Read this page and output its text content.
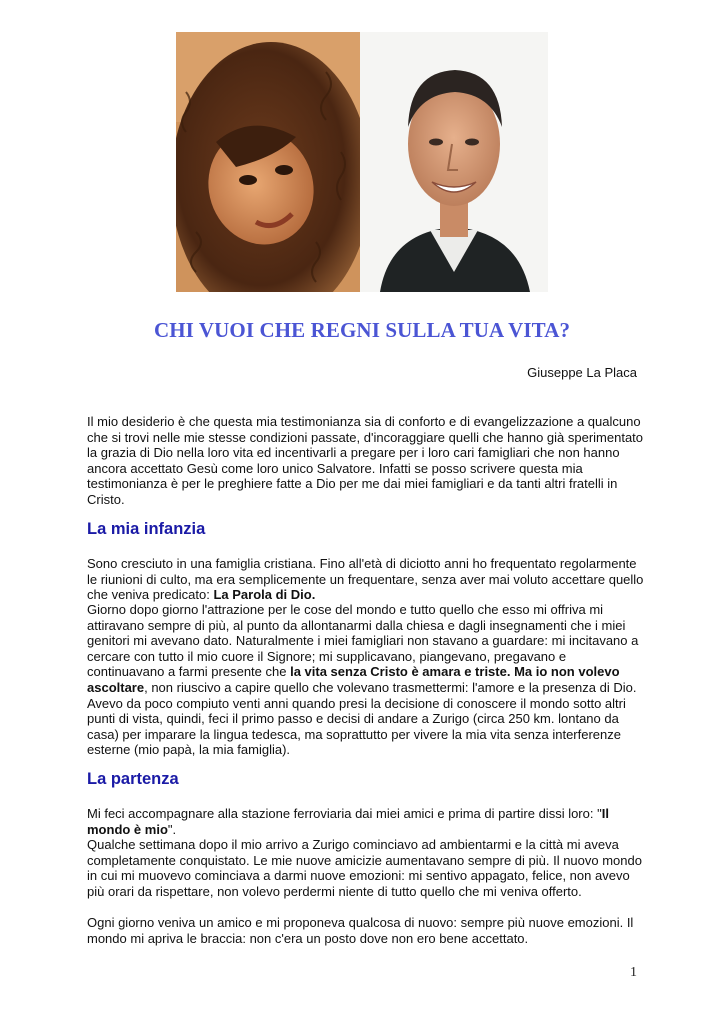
CHI VUOI CHE REGNI SULLA TUA VITA?
Giuseppe La Placa

Il mio desiderio è che questa mia testimonianza sia di conforto e di evangelizzazione a qualcuno che si trovi nelle mie stesse condizioni passate, d'incoraggiare quelli che hanno già sperimentato la grazia di Dio nella loro vita ed incentivarli a pregare per i loro cari famigliari che non hanno ancora accettato Gesù come loro unico Salvatore. Infatti se posso scrivere questa mia testimonianza è per le preghiere fatte a Dio per me dai miei famigliari e da tanti altri fratelli in Cristo.

La mia infanzia

Sono cresciuto in una famiglia cristiana. Fino all'età di diciotto anni ho frequentato regolarmente le riunioni di culto, ma era semplicemente un frequentare, senza aver mai voluto accettare quello che veniva predicato: La Parola di Dio.

Giorno dopo giorno l'attrazione per le cose del mondo e tutto quello che esso mi offriva mi attiravano sempre di più, al punto da allontanarmi dalla chiesa e dagli insegnamenti che i miei genitori mi avevano dato. Naturalmente i miei famigliari non stavano a guardare: mi incitavano a cercare con tutto il mio cuore il Signore; mi supplicavano, piangevano, pregavano e continuavano a farmi presente che la vita senza Cristo è amara e triste. Ma io non volevo ascoltare, non riuscivo a capire quello che volevano trasmettermi: l'amore e la presenza di Dio. Avevo da poco compiuto venti anni quando presi la decisione di conoscere il mondo sotto altri punti di vista, quindi, feci il primo passo e decisi di andare a Zurigo (circa 250 km. lontano da casa) per imparare la lingua tedesca, ma soprattutto per vivere la mia vita senza interferenze esterne (mio papà, la mia famiglia).

La partenza

Mi feci accompagnare alla stazione ferroviaria dai miei amici e prima di partire dissi loro: "Il mondo è mio".

Qualche settimana dopo il mio arrivo a Zurigo cominciavo ad ambientarmi e la città mi aveva completamente conquistato. Le mie nuove amicizie aumentavano sempre di più. Il nuovo mondo in cui mi muovevo cominciava a darmi nuove emozioni: mi sentivo appagato, felice, non avevo più orari da rispettare, non volevo perdermi niente di tutto quello che mi veniva offerto.

Ogni giorno veniva un amico e mi proponeva qualcosa di nuovo: sempre più nuove emozioni. Il mondo mi apriva le braccia: non c'era un posto dove non ero bene accettato.

1
